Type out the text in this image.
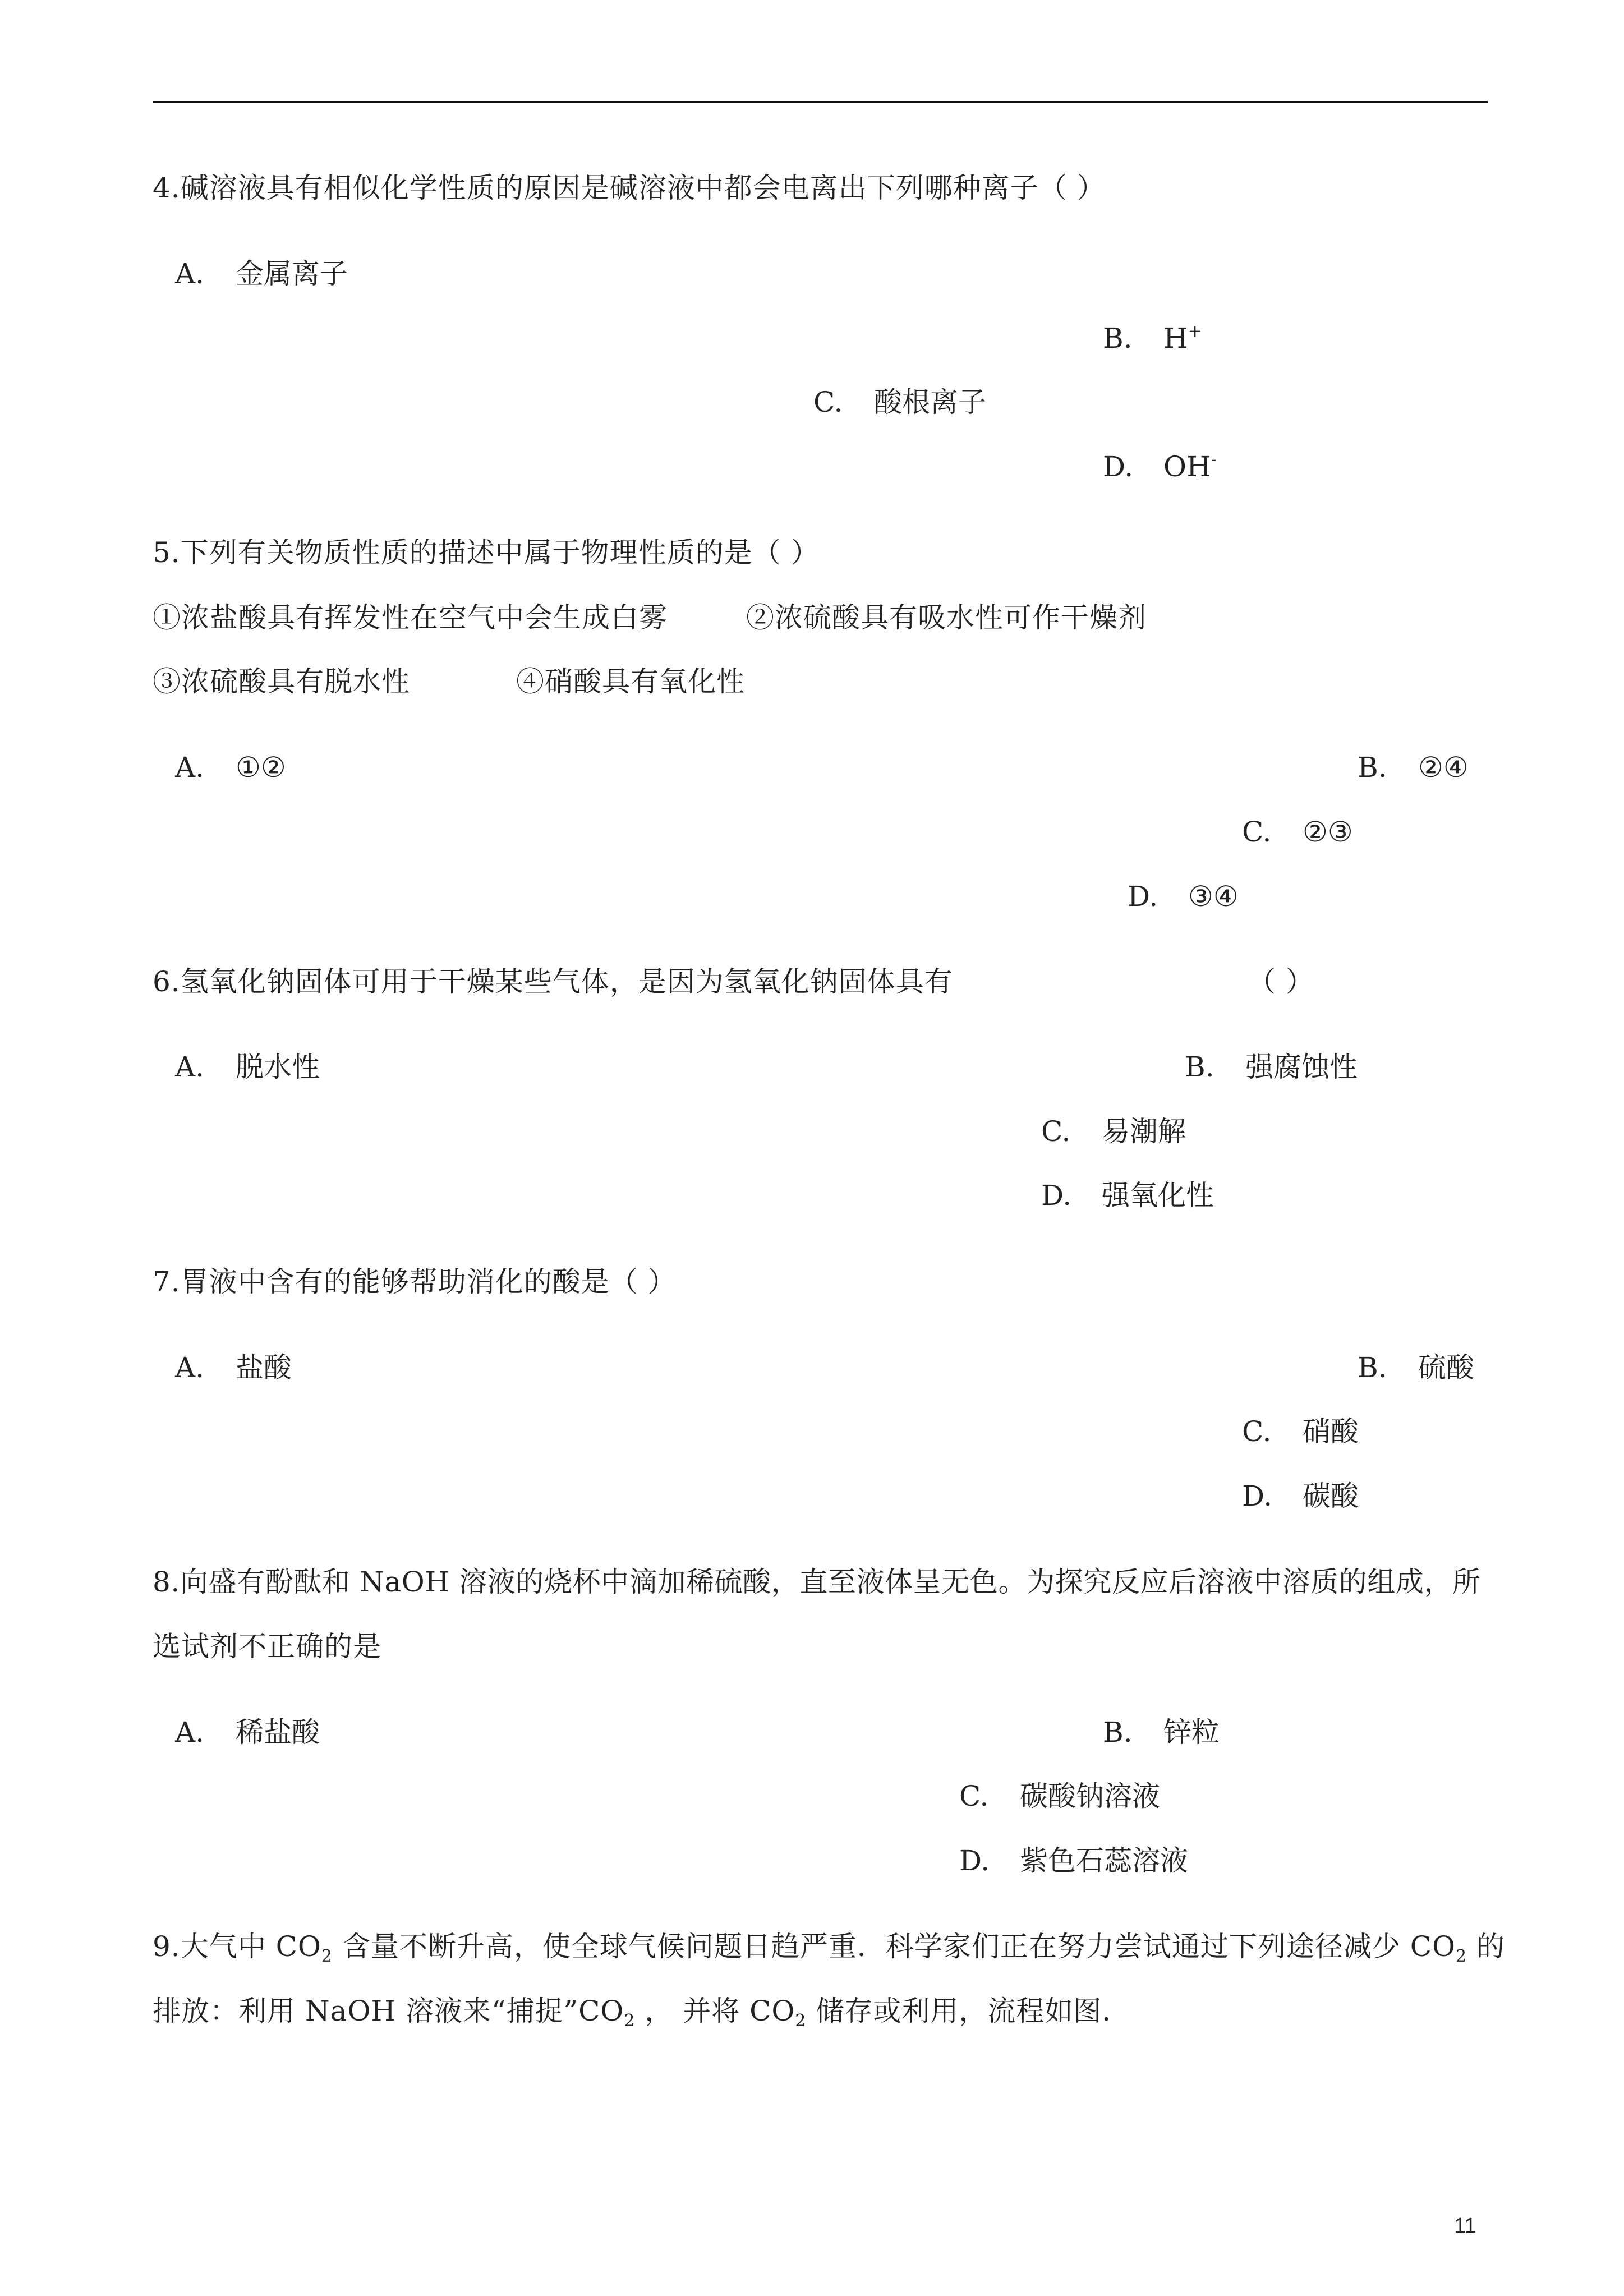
4.碱溶液具有相似化学性质的原因是碱溶液中都会电离出下列哪种离子（ ）
A. 金属离子
B. H+
C. 酸根离子
D. OH-
5.下列有关物质性质的描述中属于物理性质的是（ ）
①浓盐酸具有挥发性在空气中会生成白雾	②浓硫酸具有吸水性可作干燥剂
③浓硫酸具有脱水性	④硝酸具有氧化性
A. ①②	B. ②④
C. ②③
D. ③④
6.氢氧化钠固体可用于干燥某些气体，是因为氢氧化钠固体具有	（ ）
A. 脱水性	B. 强腐蚀性
C. 易潮解
D. 强氧化性
7.胃液中含有的能够帮助消化的酸是（ ）
A. 盐酸	B. 硫酸
C. 硝酸
D. 碳酸
8.向盛有酚酞和 NaOH 溶液的烧杯中滴加稀硫酸，直至液体呈无色。为探究反应后溶液中溶质的组成，所
选试剂不正确的是
A. 稀盐酸	B. 锌粒
C. 碳酸钠溶液
D. 紫色石蕊溶液
9.大气中 $CO_2$ 含量不断升高，使全球气候问题日趋严重．科学家们正在努力尝试通过下列途径减少 $CO_2$ 的
排放：利用 NaOH 溶液来“捕捉$”CO_2$ ， 并将 $CO_2$ 储存或利用，流程如图．
11
